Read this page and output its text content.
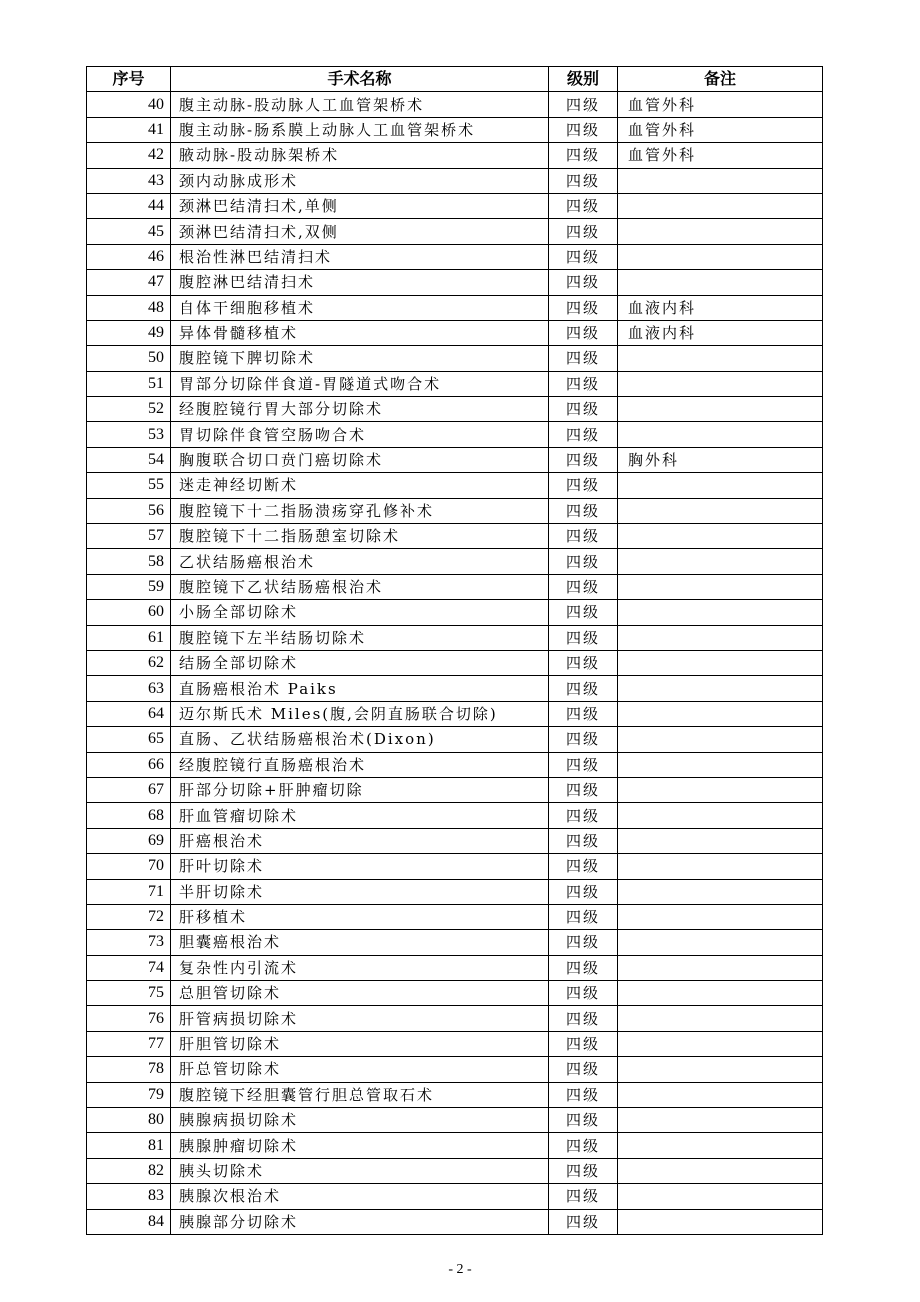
序号	手术名称	级别	备注
40	腹主动脉-股动脉人工血管架桥术	四级	血管外科
41	腹主动脉-肠系膜上动脉人工血管架桥术	四级	血管外科
42	腋动脉-股动脉架桥术	四级	血管外科
43	颈内动脉成形术	四级	
44	颈淋巴结清扫术,单侧	四级	
45	颈淋巴结清扫术,双侧	四级	
46	根治性淋巴结清扫术	四级	
47	腹腔淋巴结清扫术	四级	
48	自体干细胞移植术	四级	血液内科
49	异体骨髓移植术	四级	血液内科
50	腹腔镜下脾切除术	四级	
51	胃部分切除伴食道-胃隧道式吻合术	四级	
52	经腹腔镜行胃大部分切除术	四级	
53	胃切除伴食管空肠吻合术	四级	
54	胸腹联合切口贲门癌切除术	四级	胸外科
55	迷走神经切断术	四级	
56	腹腔镜下十二指肠溃疡穿孔修补术	四级	
57	腹腔镜下十二指肠憩室切除术	四级	
58	乙状结肠癌根治术	四级	
59	腹腔镜下乙状结肠癌根治术	四级	
60	小肠全部切除术	四级	
61	腹腔镜下左半结肠切除术	四级	
62	结肠全部切除术	四级	
63	直肠癌根治术 Paiks	四级	
64	迈尔斯氏术 Miles(腹,会阴直肠联合切除)	四级	
65	直肠、乙状结肠癌根治术(Dixon)	四级	
66	经腹腔镜行直肠癌根治术	四级	
67	肝部分切除+肝肿瘤切除	四级	
68	肝血管瘤切除术	四级	
69	肝癌根治术	四级	
70	肝叶切除术	四级	
71	半肝切除术	四级	
72	肝移植术	四级	
73	胆囊癌根治术	四级	
74	复杂性内引流术	四级	
75	总胆管切除术	四级	
76	肝管病损切除术	四级	
77	肝胆管切除术	四级	
78	肝总管切除术	四级	
79	腹腔镜下经胆囊管行胆总管取石术	四级	
80	胰腺病损切除术	四级	
81	胰腺肿瘤切除术	四级	
82	胰头切除术	四级	
83	胰腺次根治术	四级	
84	胰腺部分切除术	四级	
- 2 -
